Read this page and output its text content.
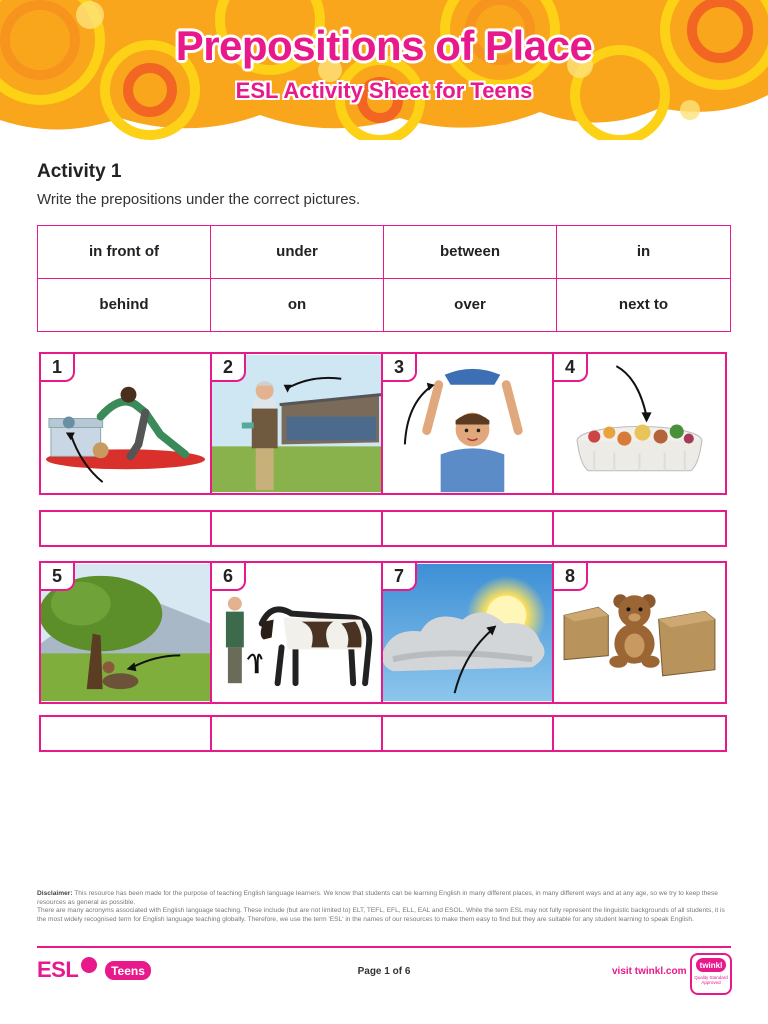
Prepositions of Place
ESL Activity Sheet for Teens
Activity 1
Write the prepositions under the correct pictures.
in front of	under	between	in
behind	on	over	next to
1	2	3	4
5	6	7	8

Disclaimer: This resource has been made for the purpose of teaching English language learners. We know that students can be learning English in many different places, in many different ways and at any age, so we try to keep these resources as general as possible.

There are many acronyms associated with English language teaching. These include (but are not limited to) ELT, TEFL, EFL, ELL, EAL and ESOL. While the term ESL may not fully represent the linguistic backgrounds of all students, it is the most widely recognised term for English language teaching globally. Therefore, we use the term 'ESL' in the names of our resources to make them easy to find but they are suitable for any student learning to speak English.

ESL	Teens	Page 1 of 6	visit twinkl.com
twinkl
Quality Standard Approved
